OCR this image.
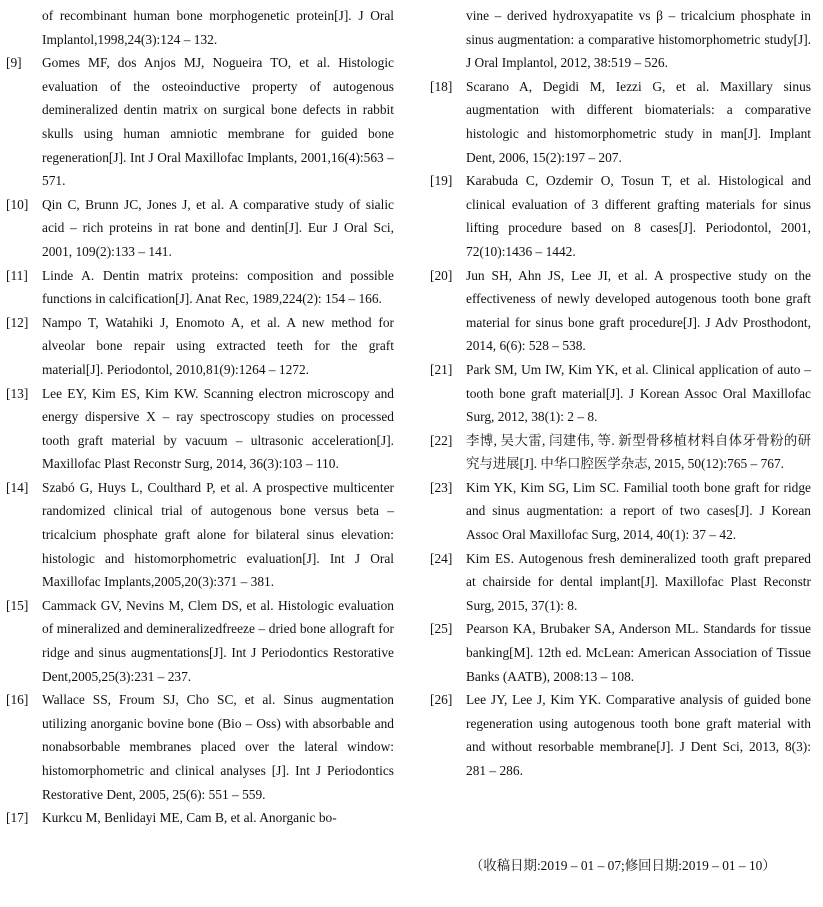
of recombinant human bone morphogenetic protein[J]. J Oral Implantol,1998,24(3):124 – 132.
[9] Gomes MF, dos Anjos MJ, Nogueira TO, et al. Histologic evaluation of the osteoinductive property of autogenous demineralized dentin matrix on surgical bone defects in rabbit skulls using human amniotic membrane for guided bone regeneration[J]. Int J Oral Maxillofac Implants, 2001,16(4):563 – 571.
[10] Qin C, Brunn JC, Jones J, et al. A comparative study of sialic acid – rich proteins in rat bone and dentin[J]. Eur J Oral Sci, 2001, 109(2):133 – 141.
[11] Linde A. Dentin matrix proteins: composition and possible functions in calcification[J]. Anat Rec, 1989,224(2): 154 – 166.
[12] Nampo T, Watahiki J, Enomoto A, et al. A new method for alveolar bone repair using extracted teeth for the graft material[J]. Periodontol, 2010,81(9):1264 – 1272.
[13] Lee EY, Kim ES, Kim KW. Scanning electron microscopy and energy dispersive X – ray spectroscopy studies on processed tooth graft material by vacuum – ultrasonic acceleration[J]. Maxillofac Plast Reconstr Surg, 2014, 36(3):103 – 110.
[14] Szabó G, Huys L, Coulthard P, et al. A prospective multicenter randomized clinical trial of autogenous bone versus beta – tricalcium phosphate graft alone for bilateral sinus elevation: histologic and histomorphometric evaluation[J]. Int J Oral Maxillofac Implants,2005,20(3):371 – 381.
[15] Cammack GV, Nevins M, Clem DS, et al. Histologic evaluation of mineralized and demineralizedfreeze – dried bone allograft for ridge and sinus augmentations[J]. Int J Periodontics Restorative Dent,2005,25(3):231 – 237.
[16] Wallace SS, Froum SJ, Cho SC, et al. Sinus augmentation utilizing anorganic bovine bone (Bio – Oss) with absorbable and nonabsorbable membranes placed over the lateral window: histomorphometric and clinical analyses [J]. Int J Periodontics Restorative Dent, 2005, 25(6): 551 – 559.
[17] Kurkcu M, Benlidayi ME, Cam B, et al. Anorganic bo-
vine – derived hydroxyapatite vs β – tricalcium phosphate in sinus augmentation: a comparative histomorphometric study[J]. J Oral Implantol, 2012, 38:519 – 526.
[18] Scarano A, Degidi M, Iezzi G, et al. Maxillary sinus augmentation with different biomaterials: a comparative histologic and histomorphometric study in man[J]. Implant Dent, 2006, 15(2):197 – 207.
[19] Karabuda C, Ozdemir O, Tosun T, et al. Histological and clinical evaluation of 3 different grafting materials for sinus lifting procedure based on 8 cases[J]. Periodontol, 2001, 72(10):1436 – 1442.
[20] Jun SH, Ahn JS, Lee JI, et al. A prospective study on the effectiveness of newly developed autogenous tooth bone graft material for sinus bone graft procedure[J]. J Adv Prosthodont, 2014, 6(6): 528 – 538.
[21] Park SM, Um IW, Kim YK, et al. Clinical application of auto – tooth bone graft material[J]. J Korean Assoc Oral Maxillofac Surg, 2012, 38(1): 2 – 8.
[22] 李博, 吴大雷, 闫建伟, 等. 新型骨移植材料自体牙骨粉的研究与进展[J]. 中华口腔医学杂志, 2015, 50(12):765 – 767.
[23] Kim YK, Kim SG, Lim SC. Familial tooth bone graft for ridge and sinus augmentation: a report of two cases[J]. J Korean Assoc Oral Maxillofac Surg, 2014, 40(1): 37 – 42.
[24] Kim ES. Autogenous fresh demineralized tooth graft prepared at chairside for dental implant[J]. Maxillofac Plast Reconstr Surg, 2015, 37(1): 8.
[25] Pearson KA, Brubaker SA, Anderson ML. Standards for tissue banking[M]. 12th ed. McLean: American Association of Tissue Banks (AATB), 2008:13 – 108.
[26] Lee JY, Lee J, Kim YK. Comparative analysis of guided bone regeneration using autogenous tooth bone graft material with and without resorbable membrane[J]. J Dent Sci, 2013, 8(3): 281 – 286.
（收稿日期:2019 – 01 – 07;修回日期:2019 – 01 – 10）
